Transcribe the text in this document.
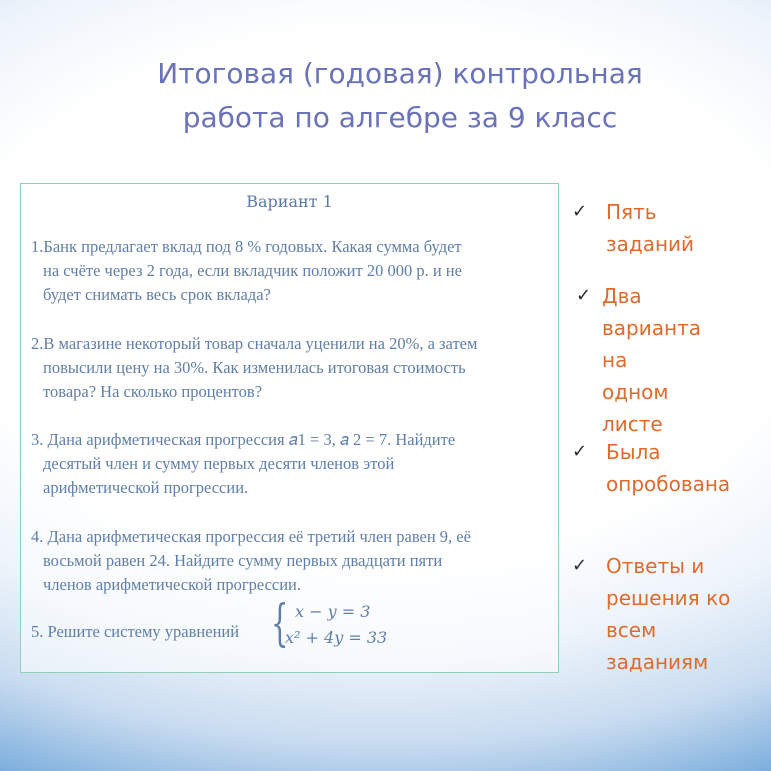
Итоговая (годовая) контрольная
работа по алгебре за 9 класс
Вариант 1
1.Банк предлагает вклад под 8 % годовых. Какая сумма будет
на счёте через 2 года, если вкладчик положит 20 000 р. и не
будет снимать весь срок вклада?
2.В магазине некоторый товар сначала уценили на 20%, а затем
повысили цену на 30%. Как изменилась итоговая стоимость
товара? На сколько процентов?
3. Дана арифметическая прогрессия 𝑎1 = 3, 𝑎 2 = 7. Найдите
десятый член и сумму первых десяти членов этой
арифметической прогрессии.
4. Дана арифметическая прогрессия её третий член равен 9, её
восьмой равен 24. Найдите сумму первых двадцати пяти
членов арифметической прогрессии.
5. Решите систему уравнений { 𝑥 − 𝑦 = 3
𝑥² + 4𝑦 = 33
✓ Пять
заданий
✓ Два
варианта
на
одном
листе
✓ Была
опробована
✓ Ответы и
решения ко
всем
заданиям
